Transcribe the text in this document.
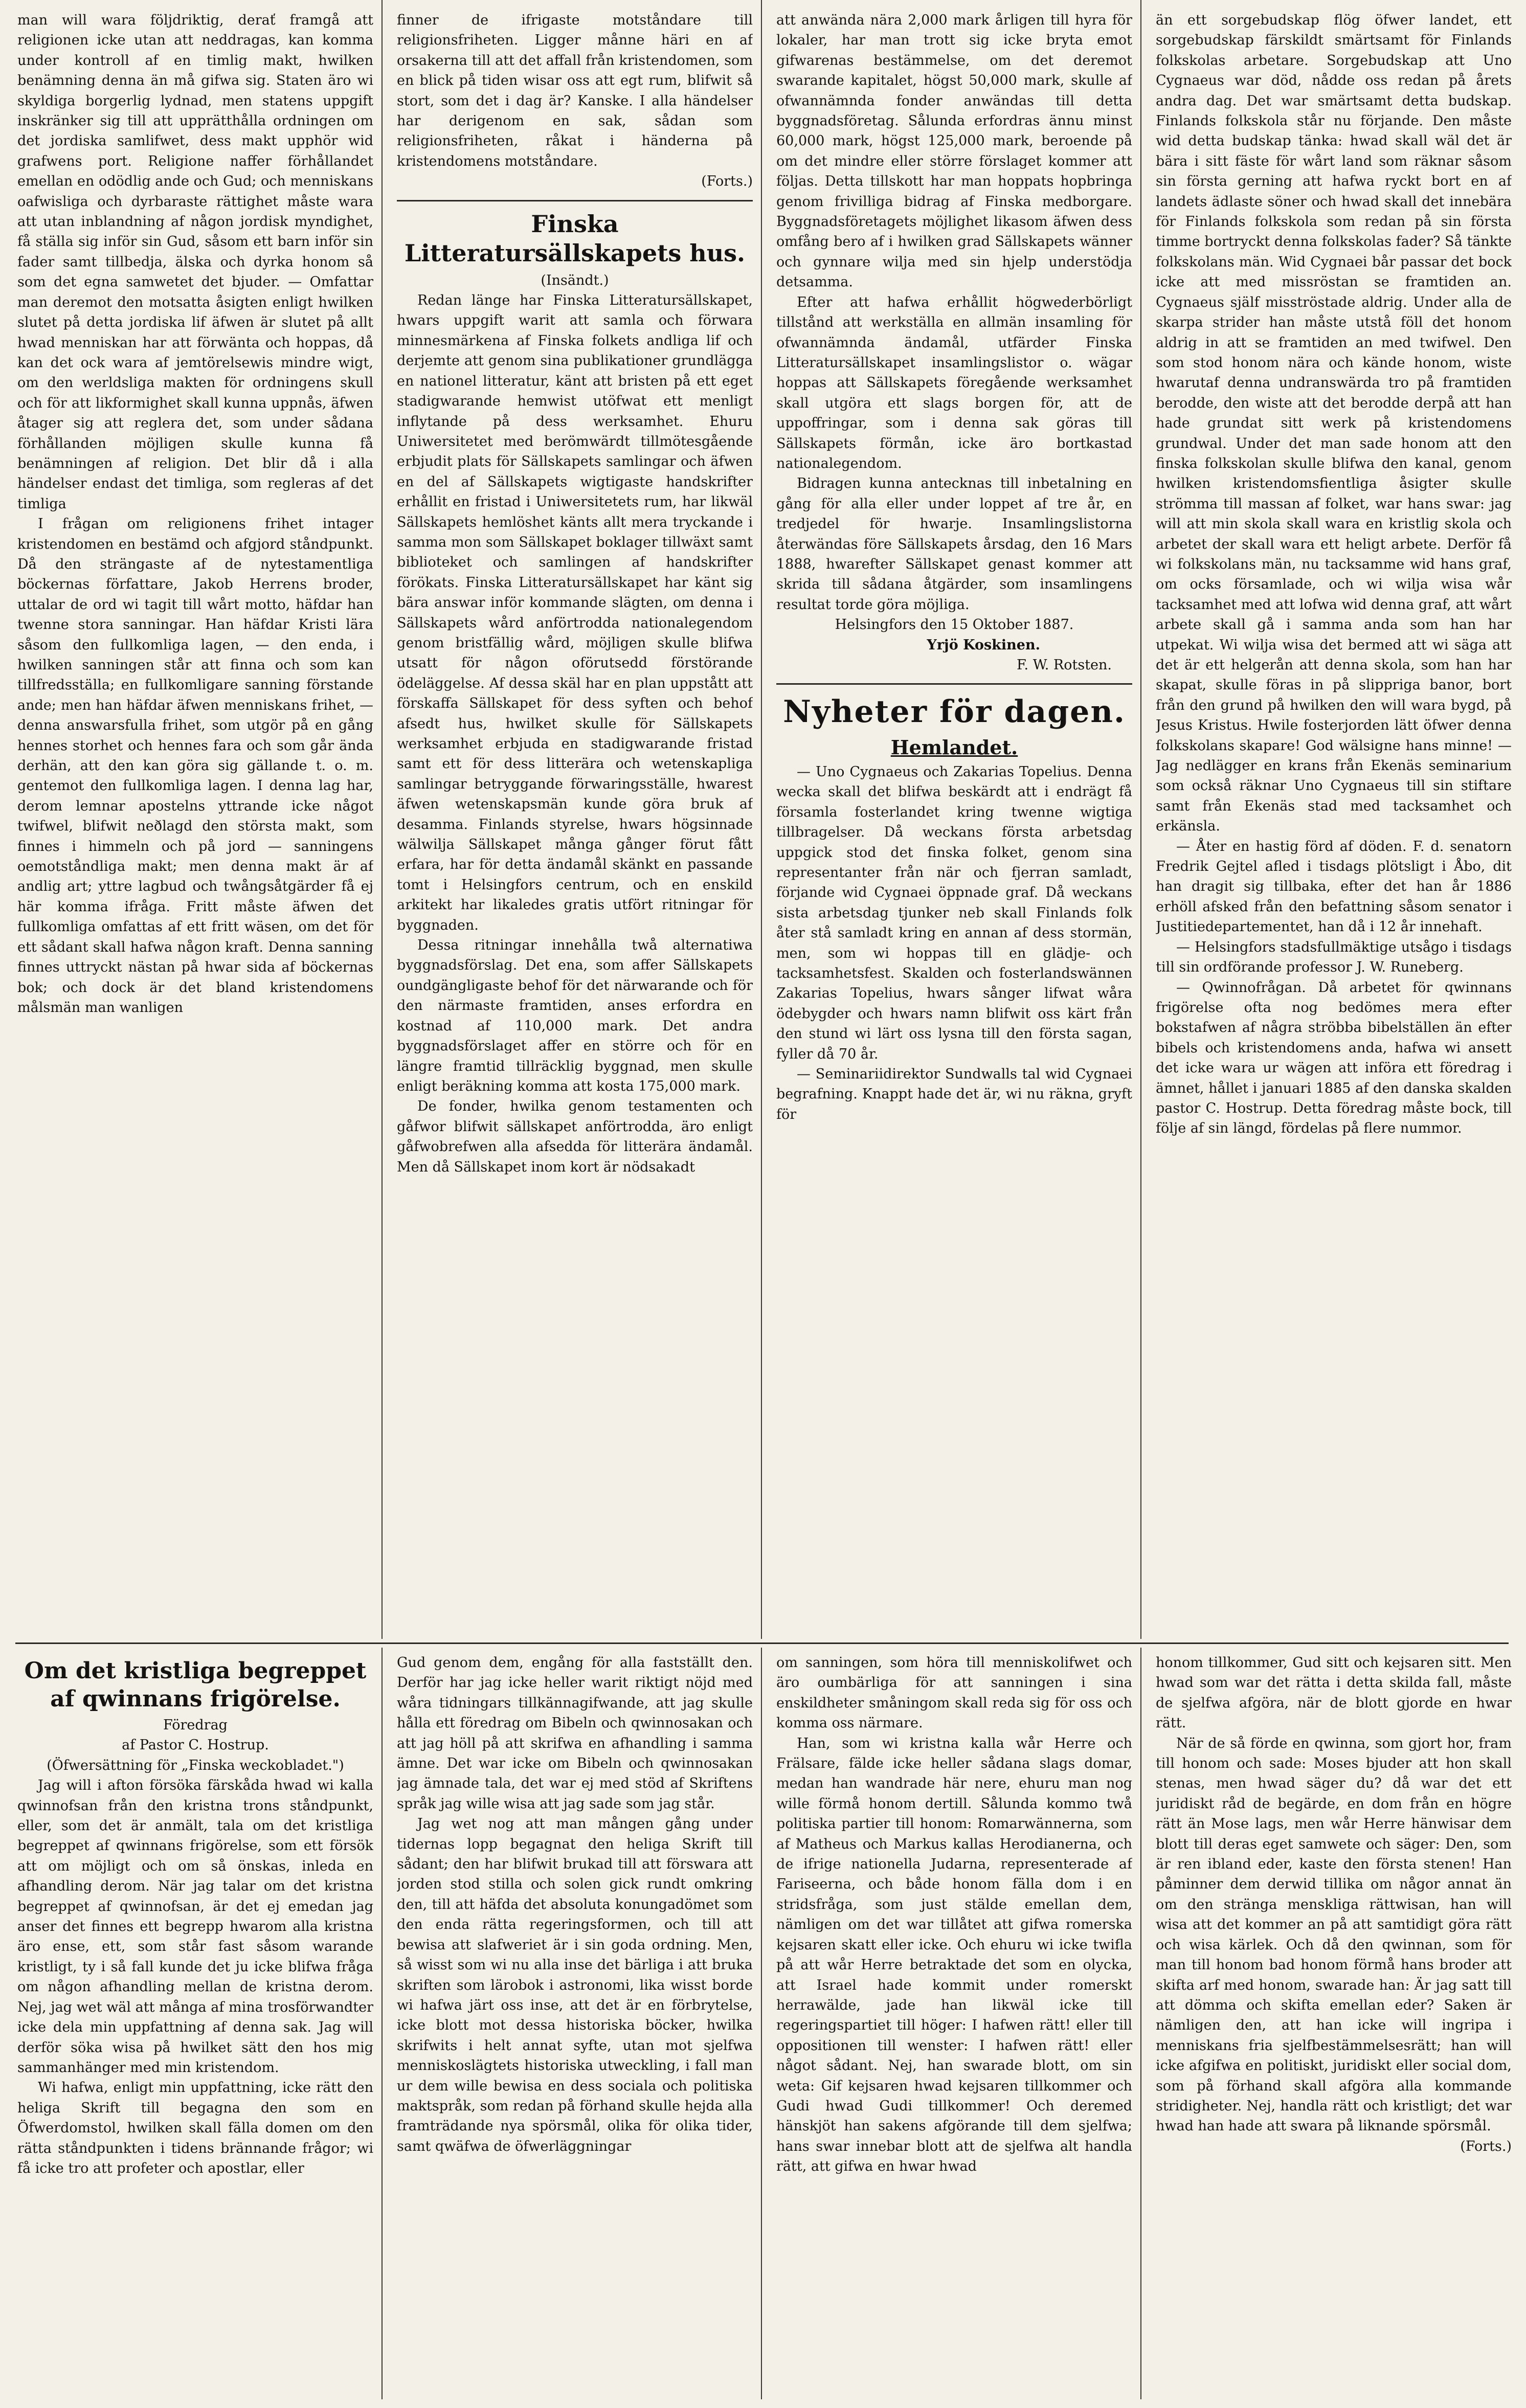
man will wara följdriktig, derať framgå att religionen icke utan att neddragas, kan komma under kontroll af en timlig makt, hwilken benämning denna än må gifwa sig. Staten äro wi skyldiga borgerlig lydnad, men statens uppgift inskränker sig till att upprätthålla ordningen om det jordiska samlifwet, dess makt upphör wid grafwens port. Religione naffer förhållandet emellan en odödlig ande och Gud; och menniskans oafwisliga och dyrbaraste rättighet måste wara att utan inblandning af någon jordisk myndighet, få ställa sig inför sin Gud, såsom ett barn inför sin fader samt tillbedja, älska och dyrka honom så som det egna samwetet det bjuder. — Omfattar man deremot den motsatta åsigten enligt hwilken slutet på detta jordiska lif äfwen är slutet på allt hwad menniskan har att förwänta och hoppas, då kan det ock wara af jemtörelsewis mindre wigt, om den werldsliga makten för ordningens skull och för att likformighet skall kunna uppnås, äfwen åtager sig att reglera det, som under sådana förhållanden möjligen skulle kunna få benämningen af religion. Det blir då i alla händelser endast det timliga, som regleras af det timliga

I frågan om religionens frihet intager kristendomen en bestämd och afgjord ståndpunkt. Då den strängaste af de nytestamentliga böckernas författare, Jakob Herrens broder, uttalar de ord wi tagit till wårt motto, häfdar han twenne stora sanningar. Han häfdar Kristi lära såsom den fullkomliga lagen, — den enda, i hwilken sanningen står att finna och som kan tillfredsställa; en fullkomligare sanning förstande ande; men han häfdar äfwen menniskans frihet, — denna answarsfulla frihet, som utgör på en gång hennes storhet och hennes fara och som går ända derhän, att den kan göra sig gällande t. o. m. gentemot den fullkomliga lagen. I denna lag har, derom lemnar apostelns yttrande icke något twifwel, blifwit neðlagd den största makt, som finnes i himmeln och på jord — sanningens oemotståndliga makt; men denna makt är af andlig art; yttre lagbud och twångsåtgärder få ej här komma ifråga. Fritt måste äfwen det fullkomliga omfattas af ett fritt wäsen, om det för ett sådant skall hafwa någon kraft. Denna sanning finnes uttryckt nästan på hwar sida af böckernas bok; och dock är det bland kristendomens målsmän man wanligen

finner de ifrigaste motståndare till religionsfriheten. Ligger månne häri en af orsakerna till att det affall från kristendomen, som en blick på tiden wisar oss att egt rum, blifwit så stort, som det i dag är? Kanske. I alla händelser har derigenom en sak, sådan som religionsfriheten, råkat i händerna på kristendomens motståndare.

(Forts.)
Finska Litteratursällskapets hus.
(Insändt.)

Redan länge har Finska Litteratursällskapet, hwars uppgift warit att samla och förwara minnesmärkena af Finska folkets andliga lif och derjemte att genom sina publikationer grundlägga en nationel litteratur, känt att bristen på ett eget stadigwarande hemwist utöfwat ett menligt inflytande på dess werksamhet. Ehuru Uniwersitetet med berömwärdt tillmötesgående erbjudit plats för Sällskapets samlingar och äfwen en del af Sällskapets wigtigaste handskrifter erhållit en fristad i Uniwersitetets rum, har likwäl Sällskapets hemlöshet känts allt mera tryckande i samma mon som Sällskapet boklager tillwäxt samt biblioteket och samlingen af handskrifter förökats. Finska Litteratursällskapet har känt sig bära answar inför kommande slägten, om denna i Sällskapets wård anförtrodda nationalegendom genom bristfällig wård, möjligen skulle blifwa utsatt för någon oförutsedd förstörande ödeläggelse. Af dessa skäl har en plan uppstått att förskaffa Sällskapet för dess syften och behof afsedt hus, hwilket skulle för Sällskapets werksamhet erbjuda en stadigwarande fristad samt ett för dess litterära och wetenskapliga samlingar betryggande förwaringsställe, hwarest äfwen wetenskapsmän kunde göra bruk af desamma. Finlands styrelse, hwars högsinnade wälwilja Sällskapet många gånger förut fått erfara, har för detta ändamål skänkt en passande tomt i Helsingfors centrum, och en enskild arkitekt har likaledes gratis utfört ritningar för byggnaden.

Dessa ritningar innehålla twå alternatiwa byggnadsförslag. Det ena, som affer Sällskapets oundgängligaste behof för det närwarande och för den närmaste framtiden, anses erfordra en kostnad af 110,000 mark. Det andra byggnadsförslaget affer en större och för en längre framtid tillräcklig byggnad, men skulle enligt beräkning komma att kosta 175,000 mark.

De fonder, hwilka genom testamenten och gåfwor blifwit sällskapet anförtrodda, äro enligt gåfwobrefwen alla afsedda för litterära ändamål. Men då Sällskapet inom kort är nödsakadt

att anwända nära 2,000 mark årligen till hyra för lokaler, har man trott sig icke bryta emot gifwarenas bestämmelse, om det deremot swarande kapitalet, högst 50,000 mark, skulle af ofwannämnda fonder anwändas till detta byggnadsföretag. Sålunda erfordras ännu minst 60,000 mark, högst 125,000 mark, beroende på om det mindre eller större förslaget kommer att följas. Detta tillskott har man hoppats hopbringa genom frivilliga bidrag af Finska medborgare. Byggnadsföretagets möjlighet likasom äfwen dess omfång bero af i hwilken grad Sällskapets wänner och gynnare wilja med sin hjelp understödja detsamma.

Efter att hafwa erhållit högwederbörligt tillstånd att werkställa en allmän insamling för ofwannämnda ändamål, utfärder Finska Litteratursällskapet insamlingslistor o. wägar hoppas att Sällskapets föregående werksamhet skall utgöra ett slags borgen för, att de uppoffringar, som i denna sak göras till Sällskapets förmån, icke äro bortkastad nationalegendom.

Bidragen kunna antecknas till inbetalning en gång för alla eller under loppet af tre år, en tredjedel för hwarje. Insamlingslistorna återwändas före Sällskapets årsdag, den 16 Mars 1888, hwarefter Sällskapet genast kommer att skrida till sådana åtgärder, som insamlingens resultat torde göra möjliga.

Helsingfors den 15 Oktober 1887.
Yrjö Koskinen.
F. W. Rotsten.
Nyheter för dagen.
Hemlandet.

— Uno Cygnaeus och Zakarias Topelius. Denna wecka skall det blifwa beskärdt att i endrägt få församla fosterlandet kring twenne wigtiga tillbragelser. Då weckans första arbetsdag uppgick stod det finska folket, genom sina representanter från när och fjerran samladt, förjande wid Cygnaei öppnade graf. Då weckans sista arbetsdag tjunker neb skall Finlands folk åter stå samladt kring en annan af dess stormän, men, som wi hoppas till en glädje- och tacksamhetsfest. Skalden och fosterlandswännen Zakarias Topelius, hwars sånger lifwat wåra ödebygder och hwars namn blifwit oss kärt från den stund wi lärt oss lysna till den första sagan, fyller då 70 år.

— Seminariidirektor Sundwalls tal wid Cygnaei begrafning. Knappt hade det är, wi nu räkna, gryft för

än ett sorgebudskap flög öfwer landet, ett sorgebudskap färskildt smärtsamt för Finlands folkskolas arbetare. Sorgebudskap att Uno Cygnaeus war död, nådde oss redan på årets andra dag. Det war smärtsamt detta budskap. Finlands folkskola står nu förjande. Den måste wid detta budskap tänka: hwad skall wäl det är bära i sitt fäste för wårt land som räknar såsom sin första gerning att hafwa ryckt bort en af landets ädlaste söner och hwad skall det innebära för Finlands folkskola som redan på sin första timme bortryckt denna folkskolas fader? Så tänkte folkskolans män. Wid Cygnaei bår passar det bock icke att med missröstan se framtiden an. Cygnaeus själf misströstade aldrig. Under alla de skarpa strider han måste utstå föll det honom aldrig in att se framtiden an med twifwel. Den som stod honom nära och kände honom, wiste hwarutaf denna undranswärda tro på framtiden berodde, den wiste att det berodde derpå att han hade grundat sitt werk på kristendomens grundwal. Under det man sade honom att den finska folkskolan skulle blifwa den kanal, genom hwilken kristendomsfientliga åsigter skulle strömma till massan af folket, war hans swar: jag will att min skola skall wara en kristlig skola och arbetet der skall wara ett heligt arbete. Derför få wi folkskolans män, nu tacksamme wid hans graf, om ocks församlade, och wi wilja wisa wår tacksamhet med att lofwa wid denna graf, att wårt arbete skall gå i samma anda som han har utpekat. Wi wilja wisa det bermed att wi säga att det är ett helgerån att denna skola, som han har skapat, skulle föras in på slippriga banor, bort från den grund på hwilken den will wara bygd, på Jesus Kristus. Hwile fosterjorden lätt öfwer denna folkskolans skapare! God wälsigne hans minne! — Jag nedlägger en krans från Ekenäs seminarium som också räknar Uno Cygnaeus till sin stiftare samt från Ekenäs stad med tacksamhet och erkänsla.

— Åter en hastig förd af döden. F. d. senatorn Fredrik Gejtel afled i tisdags plötsligt i Åbo, dit han dragit sig tillbaka, efter det han år 1886 erhöll afsked från den befattning såsom senator i Justitiedepartementet, han då i 12 år innehaft.

— Helsingfors stadsfullmäktige utsågo i tisdags till sin ordförande professor J. W. Runeberg.

— Qwinnofrågan. Då arbetet för qwinnans frigörelse ofta nog bedömes mera efter bokstafwen af några ströbba bibelställen än efter bibels och kristendomens anda, hafwa wi ansett det icke wara ur wägen att införa ett föredrag i ämnet, hållet i januari 1885 af den danska skalden pastor C. Hostrup. Detta föredrag måste bock, till följe af sin längd, fördelas på flere nummor.

Om det kristliga begreppet af qwinnans frigörelse.
Föredrag
af Pastor C. Hostrup.
(Öfwersättning för „Finska weckobladet.")

Jag will i afton försöka färskåda hwad wi kalla qwinnofsan från den kristna trons ståndpunkt, eller, som det är anmält, tala om det kristliga begreppet af qwinnans frigörelse, som ett försök att om möjligt och om så önskas, inleda en afhandling derom. När jag talar om det kristna begreppet af qwinnofsan, är det ej emedan jag anser det finnes ett begrepp hwarom alla kristna äro ense, ett, som står fast såsom warande kristligt, ty i så fall kunde det ju icke blifwa fråga om någon afhandling mellan de kristna derom. Nej, jag wet wäl att många af mina trosförwandter icke dela min uppfattning af denna sak. Jag will derför söka wisa på hwilket sätt den hos mig sammanhänger med min kristendom.

Wi hafwa, enligt min uppfattning, icke rätt den heliga Skrift till begagna den som en Öfwerdomstol, hwilken skall fälla domen om den rätta ståndpunkten i tidens brännande frågor; wi få icke tro att profeter och apostlar, eller

Gud genom dem, engång för alla fastställt den. Derför har jag icke heller warit riktigt nöjd med wåra tidningars tillkännagifwande, att jag skulle hålla ett föredrag om Bibeln och qwinnosakan och att jag höll på att skrifwa en afhandling i samma ämne. Det war icke om Bibeln och qwinnosakan jag ämnade tala, det war ej med stöd af Skriftens språk jag wille wisa att jag sade som jag står.

Jag wet nog att man mången gång under tidernas lopp begagnat den heliga Skrift till sådant; den har blifwit brukad till att förswara att jorden stod stilla och solen gick rundt omkring den, till att häfda det absoluta konungadömet som den enda rätta regeringsformen, och till att bewisa att slafweriet är i sin goda ordning. Men, så wisst som wi nu alla inse det bärliga i att bruka skriften som lärobok i astronomi, lika wisst borde wi hafwa järt oss inse, att det är en förbrytelse, icke blott mot dessa historiska böcker, hwilka skrifwits i helt annat syfte, utan mot sjelfwa menniskoslägtets historiska utweckling, i fall man ur dem wille bewisa en dess sociala och politiska maktspråk, som redan på förhand skulle hejda alla framträdande nya spörsmål, olika för olika tider, samt qwäfwa de öfwerläggningar

om sanningen, som höra till menniskolifwet och äro oumbärliga för att sanningen i sina enskildheter småningom skall reda sig för oss och komma oss närmare.

Han, som wi kristna kalla wår Herre och Frälsare, fälde icke heller sådana slags domar, medan han wandrade här nere, ehuru man nog wille förmå honom dertill. Sålunda kommo twå politiska partier till honom: Romarwännerna, som af Matheus och Markus kallas Herodianerna, och de ifrige nationella Judarna, representerade af Fariseerna, och både honom fälla dom i en stridsfråga, som just stälde emellan dem, nämligen om det war tillåtet att gifwa romerska kejsaren skatt eller icke. Och ehuru wi icke twifla på att wår Herre betraktade det som en olycka, att Israel hade kommit under romerskt herrawälde, jade han likwäl icke till regeringspartiet till höger: I hafwen rätt! eller till oppositionen till wenster: I hafwen rätt! eller något sådant. Nej, han swarade blott, om sin weta: Gif kejsaren hwad kejsaren tillkommer och Gudi hwad Gudi tillkommer! Och deremed hänskjöt han sakens afgörande till dem sjelfwa; hans swar innebar blott att de sjelfwa alt handla rätt, att gifwa en hwar hwad

honom tillkommer, Gud sitt och kejsaren sitt. Men hwad som war det rätta i detta skilda fall, måste de sjelfwa afgöra, när de blott gjorde en hwar rätt.

När de så förde en qwinna, som gjort hor, fram till honom och sade: Moses bjuder att hon skall stenas, men hwad säger du? då war det ett juridiskt råd de begärde, en dom från en högre rätt än Mose lags, men wår Herre hänwisar dem blott till deras eget samwete och säger: Den, som är ren ibland eder, kaste den första stenen! Han påminner dem derwid tillika om någor annat än om den stränga menskliga rättwisan, han will wisa att det kommer an på att samtidigt göra rätt och wisa kärlek. Och då den qwinnan, som för man till honom bad honom förmå hans broder att skifta arf med honom, swarade han: Är jag satt till att dömma och skifta emellan eder? Saken är nämligen den, att han icke will ingripa i menniskans fria sjelfbestämmelsesrätt; han will icke afgifwa en politiskt, juridiskt eller social dom, som på förhand skall afgöra alla kommande stridigheter. Nej, handla rätt och kristligt; det war hwad han hade att swara på liknande spörsmål.

(Forts.)
